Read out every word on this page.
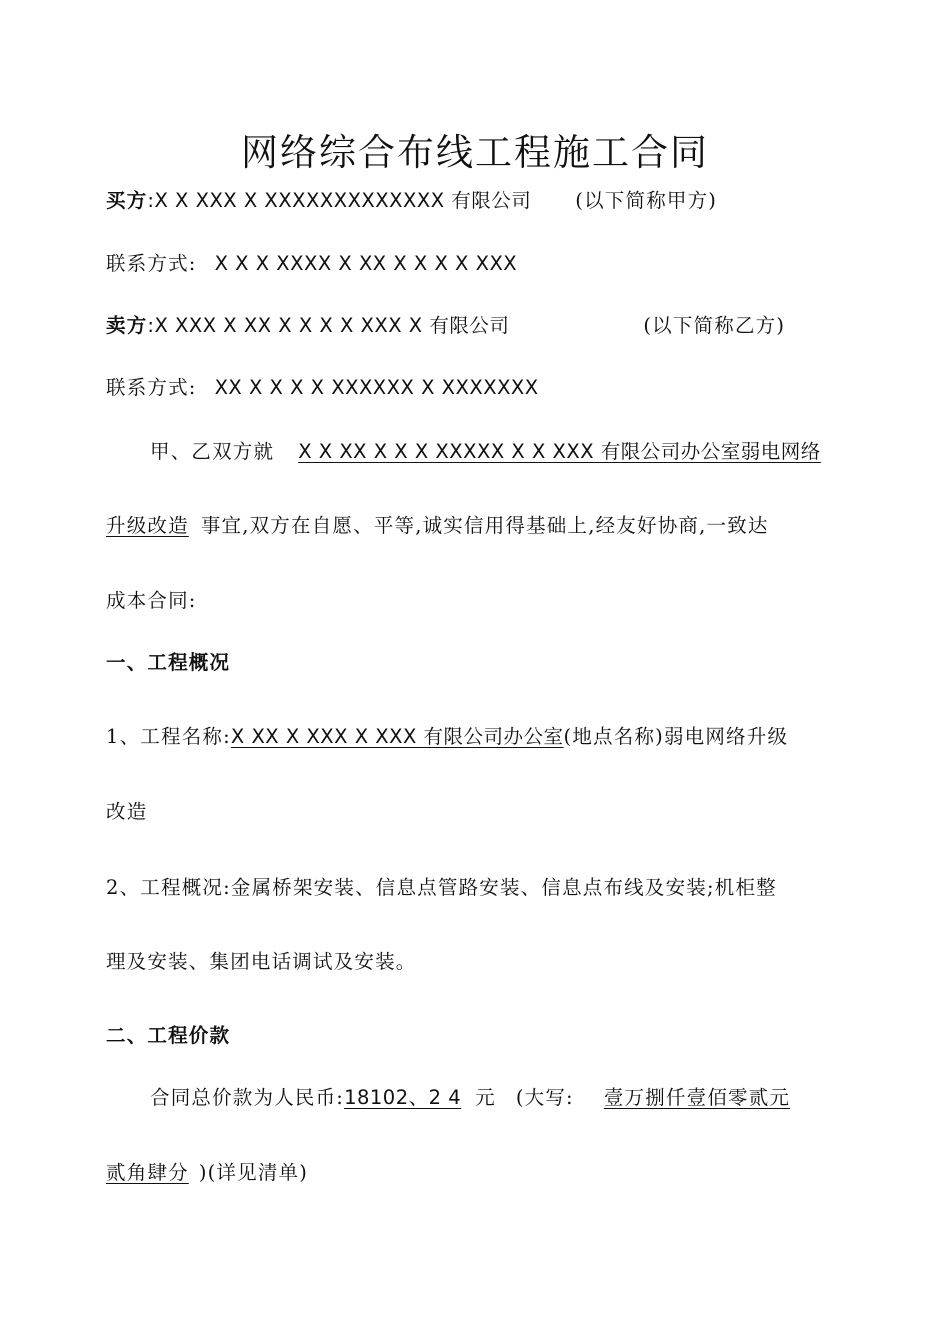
网络综合布线工程施工合同
买方:X X XXX X XXXXXXXXXXXXX 有限公司 (以下简称甲方)
联系方式: X X X XXXX X XX X X X X XXX
卖方:X XXX X XX X X X X XXX X 有限公司	(以下简称乙方)
联系方式: XX X X X X XXXXXX X XXXXXXX
甲、乙双方就 X X XX X X X XXXXX X X XXX 有限公司办公室弱电网络
升级改造 事宜,双方在自愿、平等,诚实信用得基础上,经友好协商,一致达
成本合同:
一、工程概况
1、工程名称:X XX X XXX X XXX 有限公司办公室(地点名称)弱电网络升级
改造
2、工程概况:金属桥架安装、信息点管路安装、信息点布线及安装;机柜整
理及安装、集团电话调试及安装。
二、工程价款
合同总价款为人民币:18102、2 4 元 (大写: 壹万捌仟壹佰零贰元
贰角肆分 )(详见清单)
